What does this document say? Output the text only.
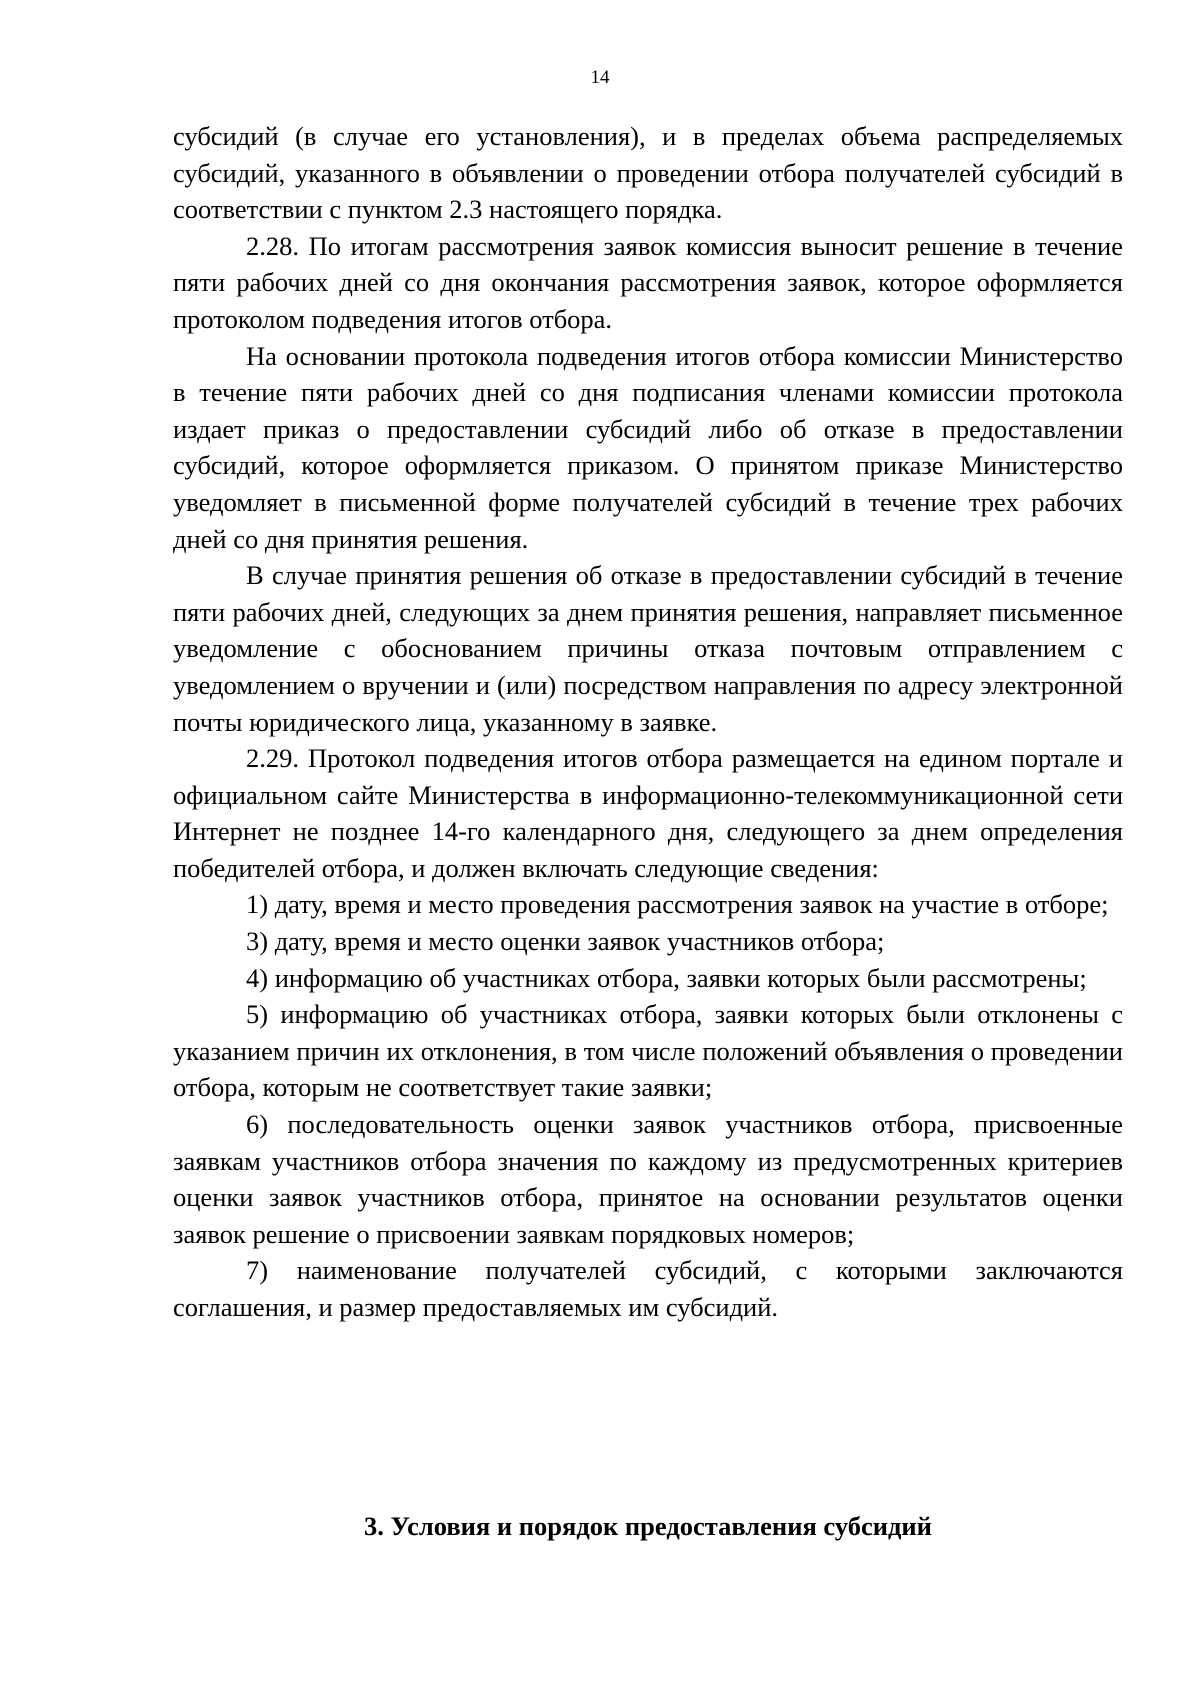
14

субсидий (в случае его установления), и в пределах объема распределяемых субсидий, указанного в объявлении о проведении отбора получателей субсидий в соответствии с пунктом 2.3 настоящего порядка.

2.28. По итогам рассмотрения заявок комиссия выносит решение в течение пяти рабочих дней со дня окончания рассмотрения заявок, которое оформляется протоколом подведения итогов отбора.

На основании протокола подведения итогов отбора комиссии Министерство в течение пяти рабочих дней со дня подписания членами комиссии протокола издает приказ о предоставлении субсидий либо об отказе в предоставлении субсидий, которое оформляется приказом. О принятом приказе Министерство уведомляет в письменной форме получателей субсидий в течение трех рабочих дней со дня принятия решения.

В случае принятия решения об отказе в предоставлении субсидий в течение пяти рабочих дней, следующих за днем принятия решения, направляет письменное уведомление с обоснованием причины отказа почтовым отправлением с уведомлением о вручении и (или) посредством направления по адресу электронной почты юридического лица, указанному в заявке.

2.29. Протокол подведения итогов отбора размещается на едином портале и официальном сайте Министерства в информационно-телекоммуникационной сети Интернет не позднее 14-го календарного дня, следующего за днем определения победителей отбора, и должен включать следующие сведения:

1) дату, время и место проведения рассмотрения заявок на участие в отборе;

3) дату, время и место оценки заявок участников отбора;

4) информацию об участниках отбора, заявки которых были рассмотрены;

5) информацию об участниках отбора, заявки которых были отклонены с указанием причин их отклонения, в том числе положений объявления о проведении отбора, которым не соответствует такие заявки;

6) последовательность оценки заявок участников отбора, присвоенные заявкам участников отбора значения по каждому из предусмотренных критериев оценки заявок участников отбора, принятое на основании результатов оценки заявок решение о присвоении заявкам порядковых номеров;

7) наименование получателей субсидий, с которыми заключаются соглашения, и размер предоставляемых им субсидий.

3. Условия и порядок предоставления субсидий
